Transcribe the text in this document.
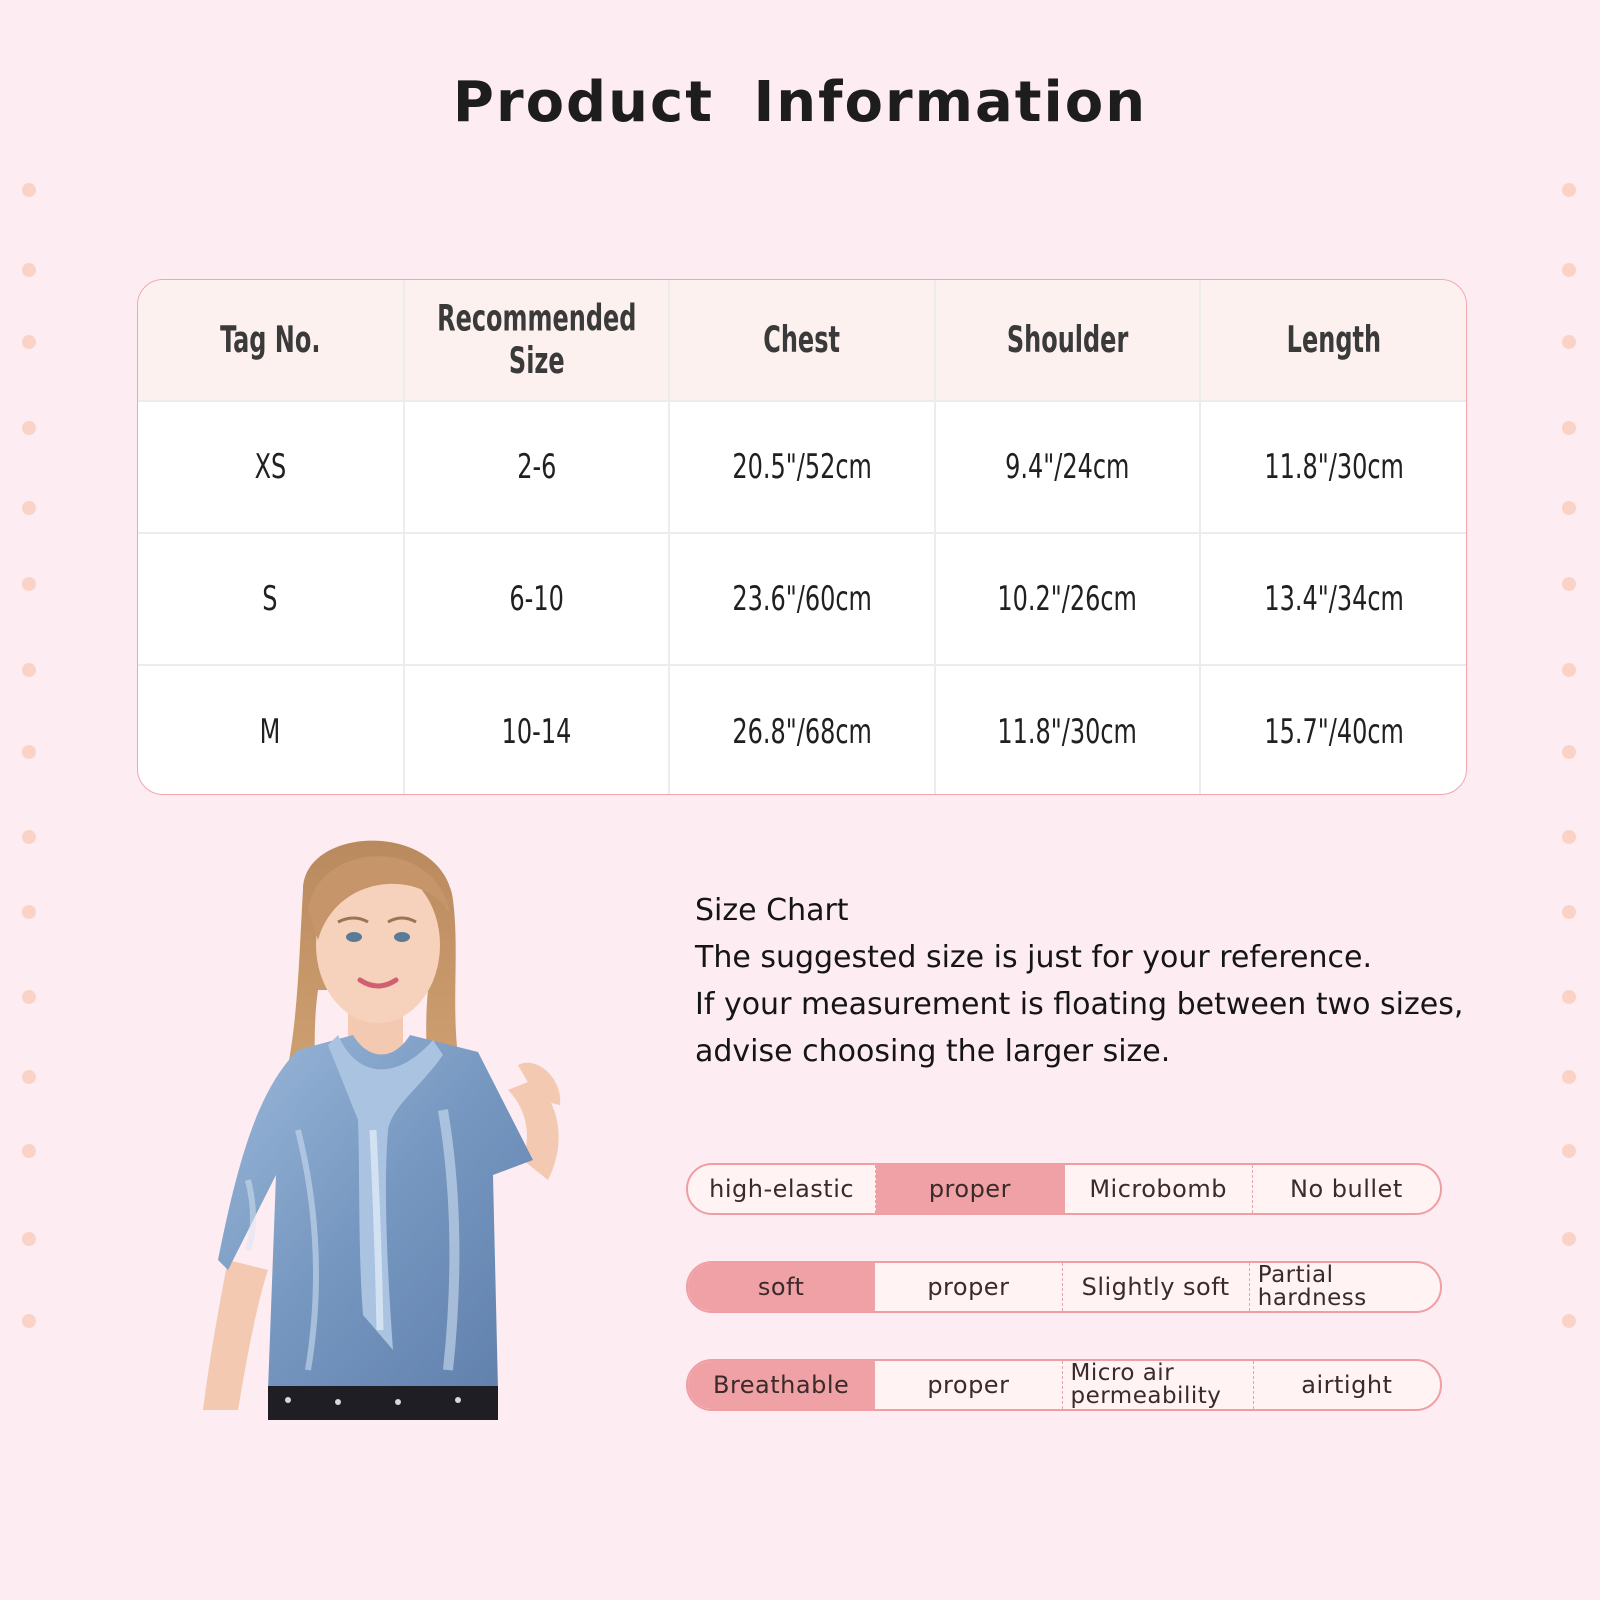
Product Information
Tag No.	Recommended Size	Chest	Shoulder	Length
XS	2-6	20.5"/52cm	9.4"/24cm	11.8"/30cm
S	6-10	23.6"/60cm	10.2"/26cm	13.4"/34cm
M	10-14	26.8"/68cm	11.8"/30cm	15.7"/40cm
Size Chart
The suggested size is just for your reference.
If your measurement is floating between two sizes,
advise choosing the larger size.
high-elastic	proper	Microbomb	No bullet
soft	proper	Slightly soft	Partial hardness
Breathable	proper	Micro air permeability	airtight
